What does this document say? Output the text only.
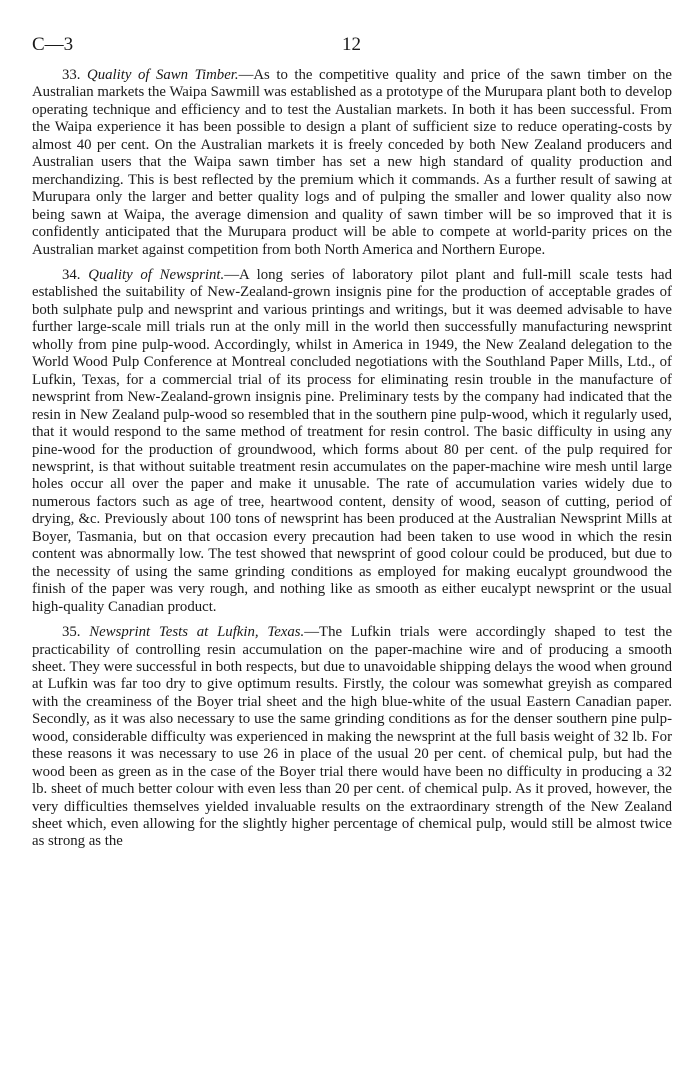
C—3	12

33. Quality of Sawn Timber.—As to the competitive quality and price of the sawn timber on the Australian markets the Waipa Sawmill was established as a prototype of the Murupara plant both to develop operating technique and efficiency and to test the Austalian markets. In both it has been successful. From the Waipa experience it has been possible to design a plant of sufficient size to reduce operating-costs by almost 40 per cent. On the Australian markets it is freely conceded by both New Zealand producers and Australian users that the Waipa sawn timber has set a new high standard of quality production and merchandizing. This is best reflected by the premium which it commands. As a further result of sawing at Murupara only the larger and better quality logs and of pulping the smaller and lower quality also now being sawn at Waipa, the average dimension and quality of sawn timber will be so improved that it is confidently anticipated that the Murupara product will be able to compete at world-parity prices on the Australian market against competition from both North America and Northern Europe.

34. Quality of Newsprint.—A long series of laboratory pilot plant and full-mill scale tests had established the suitability of New-Zealand-grown insignis pine for the production of acceptable grades of both sulphate pulp and newsprint and various printings and writings, but it was deemed advisable to have further large-scale mill trials run at the only mill in the world then successfully manufacturing newsprint wholly from pine pulp-wood. Accordingly, whilst in America in 1949, the New Zealand delegation to the World Wood Pulp Conference at Montreal concluded negotiations with the Southland Paper Mills, Ltd., of Lufkin, Texas, for a commercial trial of its process for eliminating resin trouble in the manufacture of newsprint from New-Zealand-grown insignis pine. Preliminary tests by the company had indicated that the resin in New Zealand pulp-wood so resembled that in the southern pine pulp-wood, which it regularly used, that it would respond to the same method of treatment for resin control. The basic difficulty in using any pine-wood for the production of groundwood, which forms about 80 per cent. of the pulp required for newsprint, is that without suitable treatment resin accumulates on the paper-machine wire mesh until large holes occur all over the paper and make it unusable. The rate of accumulation varies widely due to numerous factors such as age of tree, heartwood content, density of wood, season of cutting, period of drying, &c. Previously about 100 tons of newsprint has been produced at the Australian Newsprint Mills at Boyer, Tasmania, but on that occasion every precaution had been taken to use wood in which the resin content was abnormally low. The test showed that newsprint of good colour could be produced, but due to the necessity of using the same grinding conditions as employed for making eucalypt groundwood the finish of the paper was very rough, and nothing like as smooth as either eucalypt newsprint or the usual high-quality Canadian product.

35. Newsprint Tests at Lufkin, Texas.—The Lufkin trials were accordingly shaped to test the practicability of controlling resin accumulation on the paper-machine wire and of producing a smooth sheet. They were successful in both respects, but due to unavoidable shipping delays the wood when ground at Lufkin was far too dry to give optimum results. Firstly, the colour was somewhat greyish as compared with the creaminess of the Boyer trial sheet and the high blue-white of the usual Eastern Canadian paper. Secondly, as it was also necessary to use the same grinding conditions as for the denser southern pine pulp-wood, considerable difficulty was experienced in making the newsprint at the full basis weight of 32 lb. For these reasons it was necessary to use 26 in place of the usual 20 per cent. of chemical pulp, but had the wood been as green as in the case of the Boyer trial there would have been no difficulty in producing a 32 lb. sheet of much better colour with even less than 20 per cent. of chemical pulp. As it proved, however, the very difficulties themselves yielded invaluable results on the extraordinary strength of the New Zealand sheet which, even allowing for the slightly higher percentage of chemical pulp, would still be almost twice as strong as the
